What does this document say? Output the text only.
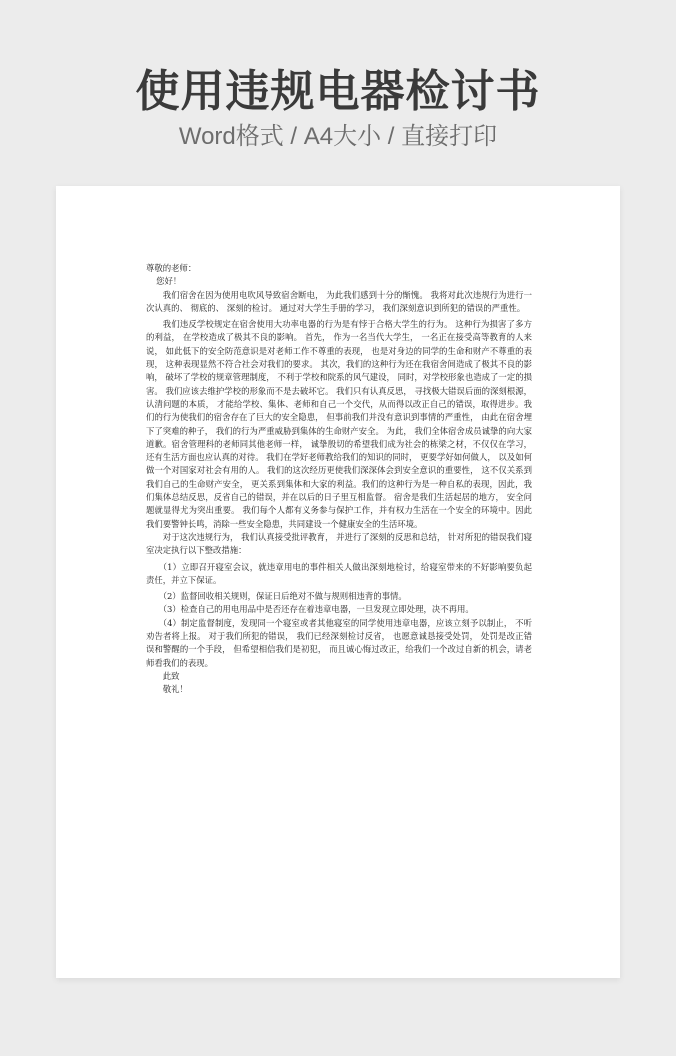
使用违规电器检讨书
Word格式 / A4大小 / 直接打印

尊敬的老师：

您好！

我们宿舍在因为使用电吹风导致宿舍断电， 为此我们感到十分的惭愧。 我将对此次违规行为进行一次认真的、 彻底的、 深刻的检讨。 通过对大学生手册的学习， 我们深刻意识到所犯的错误的严重性。

我们违反学校规定在宿舍使用大功率电器的行为是有悖于合格大学生的行为。 这种行为损害了多方的利益， 在学校造成了极其不良的影响。 首先， 作为一名当代大学生， 一名正在接受高等教育的人来说， 如此低下的安全防范意识是对老师工作不尊重的表现， 也是对身边的同学的生命和财产不尊重的表现， 这种表现显然不符合社会对我们的要求。 其次，我们的这种行为还在我宿舍间造成了极其不良的影响， 破坏了学校的规章管理制度， 不利于学校和院系的风气建设， 同时，对学校形象也造成了一定的损害。 我们应该去维护学校的形象而不是去破坏它。 我们只有认真反思， 寻找极大错误后面的深刻根源， 认清问题的本质， 才能给学校、集体、老师和自己一个交代，从而得以改正自己的错误，取得进步。我们的行为使我们的宿舍存在了巨大的安全隐患， 但事前我们并没有意识到事情的严重性， 由此在宿舍埋下了突难的种子， 我们的行为严重威胁到集体的生命财产安全。 为此， 我们全体宿舍成员诚挚的向大家道歉。宿舍管理科的老师同其他老师一样， 诚挚殷切的希望我们成为社会的栋梁之材，不仅仅在学习， 还有生活方面也应认真的对待。 我们在学好老师教给我们的知识的同时， 更要学好如何做人， 以及如何做一个对国家对社会有用的人。 我们的这次经历更使我们深深体会到安全意识的重要性， 这不仅关系到我们自己的生命财产安全， 更关系到集体和大家的利益。我们的这种行为是一种自私的表现，因此，我们集体总结反思，反省自己的错误，并在以后的日子里互相监督。 宿舍是我们生活起居的地方， 安全问题就显得尤为突出重要。 我们每个人都有义务参与保护工作，并有权力生活在一个安全的环境中。因此我们要警钟长鸣，消除一些安全隐患，共同建设一个健康安全的生活环境。

对于这次违规行为， 我们认真接受批评教育， 并进行了深刻的反思和总结， 针对所犯的错误我们寝室决定执行以下整改措施：

（1）立即召开寝室会议，就违章用电的事件相关人做出深刻地检讨，给寝室带来的不好影响要负起责任，并立下保证。

（2）监督回收相关规则，保证日后绝对不做与规则相违背的事情。

（3）检查自己的用电用品中是否还存在着违章电器，一旦发现立即处理，决不再用。

（4）制定监督制度，发现同一个寝室或者其他寝室的同学使用违章电器，应该立刻予以制止， 不听劝告者将上报。 对于我们所犯的错误， 我们已经深刻检讨反省， 也愿意诚恳接受处罚， 处罚是改正错误和警醒的一个手段， 但希望相信我们是初犯， 而且诚心悔过改正，给我们一个改过自新的机会，请老师看我们的表现。

此致

敬礼！
